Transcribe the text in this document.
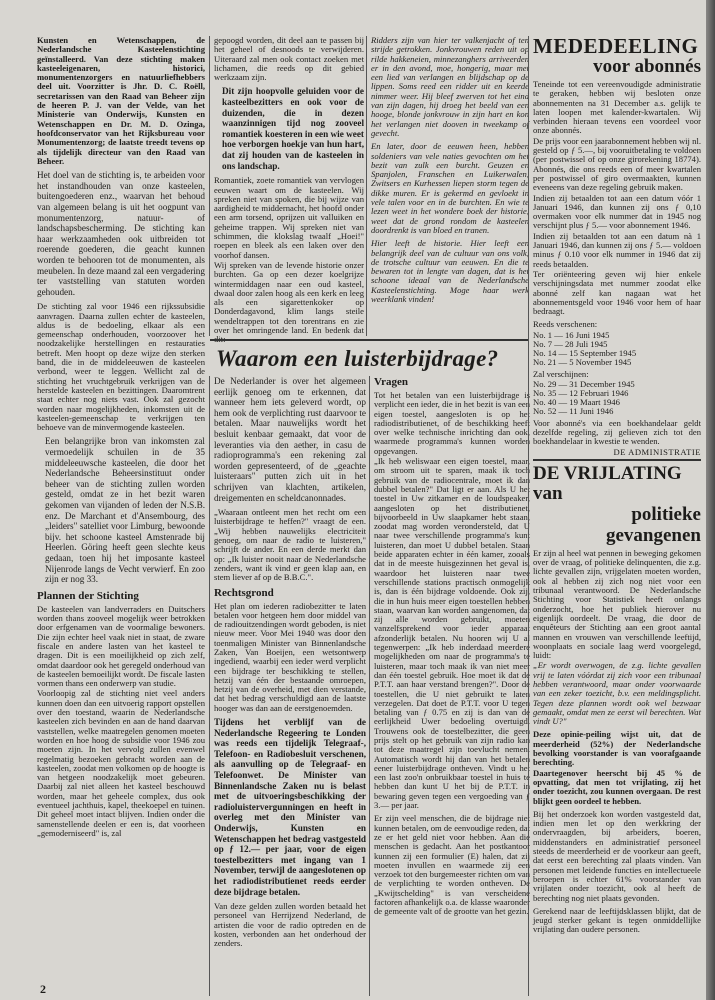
Kunsten en Wetenschappen, de Nederlandsche Kasteelenstichting geïnstalleerd. Van deze stichting maken kasteeleigenaren, historici, monumentenzorgers en natuurliefhebbers deel uit. Voorzitter is Jhr. D. C. Roëll, secretarissen van den Raad van Beheer zijn de heeren P. J. van der Velde, van het Ministerie van Onderwijs, Kunsten en Wetenschappen en Dr. M. D. Ozinga, hoofdconservator van het Rijksbureau voor Monumentenzorg; de laatste treedt tevens op als tijdelijk directeur van den Raad van Beheer.

Het doel van de stichting is, te arbeiden voor het instandhouden van onze kasteelen, buitengoederen enz., waarvan het behoud van algemeen belang is uit het oogpunt van monumentenzorg, natuur- of landschapsbescherming. De stichting kan haar werkzaamheden ook uitbreiden tot roerende goederen, die geacht kunnen worden te behooren tot de monumenten, als meubelen. In deze maand zal een vergadering ter vaststelling van statuten worden gehouden.

De stichting zal voor 1946 een rijkssubsidie aanvragen. Daarna zullen echter de kasteelen, aldus is de bedoeling, elkaar als een gemeenschap onderhouden, voorzoover het noodzakelijke herstellingen en restauraties betreft. Men hoopt op deze wijze den sterken band, die in de middeleeuwen de kasteelen verbond, weer te leggen. Wellicht zal de stichting het vruchtgebruik verkrijgen van de herstelde kasteelen en bezittingen. Daaromtrent staat echter nog niets vast. Ook zal gezocht worden naar mogelijkheden, inkomsten uit de kasteelen-gemeenschap te verkrijgen ten behoeve van de minvermogende kasteelen.

Een belangrijke bron van inkomsten zal vermoedelijk schuilen in de 35 middeleeuwsche kasteelen, die door het Nederlandsche Beheersinstituut onder beheer van de stichting zullen worden gesteld, omdat ze in het bezit waren gekomen van vijanden of leden der N.S.B. enz. De Marchant et d'Ansembourg, des „leiders" satelliet voor Limburg, bewoonde bijv. het schoone kasteel Amstenrade bij Heerlen. Göring heeft geen slechte keus gedaan, toen hij het imposante kasteel Nijenrode langs de Vecht verwierf. En zoo zijn er nog 33.

Plannen der Stichting

De kasteelen van landverraders en Duitschers worden thans zooveel mogelijk weer betrokken door erfgenamen van de voormalige bewoners. Die zijn echter heel vaak niet in staat, de zware fiscale en andere lasten van het kasteel te dragen. Dit is een moeilijkheid op zich zelf, omdat daardoor ook het geregeld onderhoud van de kasteelen bemoeilijkt wordt. De fiscale lasten vormen thans een onderwerp van studie.

Voorloopig zal de stichting niet veel anders kunnen doen dan een uitvoerig rapport opstellen over den toestand, waarin de Nederlandsche kasteelen zich bevinden en aan de hand daarvan vaststellen, welke maatregelen genomen moeten worden en hoe hoog de subsidie voor 1946 zou moeten zijn. In het vervolg zullen evenwel regelmatig bezoeken gebracht worden aan de kasteelen, zoodat men volkomen op de hoogte is van hetgeen noodzakelijk moet gebeuren. Daarbij zal niet alleen het kasteel beschouwd worden, maar het geheele complex, dus ook eventueel jachthuis, kapel, theekoepel en tuinen. Dit geheel moet intact blijven. Indien onder die samenstellende deelen er een is, dat voorheen „gemoderniseerd" is, zal

gepoogd worden, dit deel aan te passen bij het geheel of desnoods te verwijderen. Uiteraard zal men ook contact zoeken met lichamen, die reeds op dit gebied werkzaam zijn.

Dit zijn hoopvolle geluiden voor de kasteelbezitters en ook voor de duizenden, die in dezen waanzinnigen tijd nog zooveel romantiek koesteren in een wie weet hoe verborgen hoekje van hun hart, dat zij houden van de kasteelen in ons landschap.

Romantiek, zoete romantiek van vervlogen eeuwen waart om de kasteelen. Wij spreken niet van spoken, die bij wijze van aardigheid te middernacht, het hoofd onder een arm torsend, oprijzen uit valluiken en geheime trappen. Wij spreken niet van schimmen, die klokslag twaalf „Hoei!" roepen en bleek als een laken over den voorhof dansen.

Wij spreken van de levende historie onzer burchten. Ga op een dezer koelgrijze wintermiddagen naar een oud kasteel, dwaal door zalen hoog als een kerk en leeg als een sigarettenkoker op Donderdagavond, klim langs steile wendeltrappen tot den torentrans en zie over het omringende land. En bedenk dat

Ridders zijn van hier ter valkenjacht of ten strijde getrokken. Jonkvrouwen reden uit op rilde hakkeneien, minnezanghers arriveerden er in den avond, moe, hongerig, maar met een lied van verlangen en blijdschap op de lippen. Soms reed een ridder uit en keerde nimmer weer. Hij bleef zwerven tot het eind van zijn dagen, hij droeg het beeld van een hooge, blonde jonkvrouw in zijn hart en kon het verlangen niet dooven in tweekamp of gevecht.

En later, door de eeuwen heen, hebben soldeniers van vele naties gevochten om het bezit van zulk een burcht. Geuzen en Spanjolen, Franschen en Luikerwalen, Zwitsers en Kurhessen liepen storm tegen de dikke muren. Er is gekermd en gevloekt in vele talen voor en in de burchten. En wie te lezen weet in het wondere boek der historie, weet dat de grond rondom de kasteelen doordrenkt is van bloed en tranen.

Hier leeft de historie. Hier leeft een belangrijk deel van de cultuur van ons volk, de trotsche cultuur van eeuwen. En die te bewaren tot in lengte van dagen, dat is het schoone ideaal van de Nederlandsche Kasteelenstichting. Moge haar werk weerklank vinden!

Waarom een luisterbijdrage?

De Nederlander is over het algemeen eerlijk genoeg om te erkennen, dat wanneer hem iets geleverd wordt, op hem ook de verplichting rust daarvoor te betalen. Maar nauwelijks wordt het besluit kenbaar gemaakt, dat voor de leveranties via den aether, in casu de radioprogramma's een rekening zal worden gepresenteerd, of de „geachte luisteraars" putten zich uit in het schrijven van klachten, artikelen, dreigementen en scheldcanonnades.

„Waaraan ontleent men het recht om een luisterbijdrage te heffen?" vraagt de een. „Wij hebben nauwelijks electriciteit genoeg, om naar de radio te luisteren," schrijft de ander. En een derde merkt dan op: „Ik luister nooit naar de Nederlandsche zenders, want ik vind er geen klap aan, en stem liever af op de B.B.C.".

Rechtsgrond

Het plan om iederen radiobezitter te laten betalen voor hetgeen hem door middel van de radiouitzendingen wordt geboden, is niet nieuw meer. Voor Mei 1940 was door den toenmaligen Minister van Binnenlandsche Zaken, Van Boeijen, een wetsontwerp ingediend, waarbij een ieder werd verplicht een bijdrage ter beschikking te stellen, hetzij van één der bestaande omroepen, hetzij van de overheid, met dien verstande, dat het bedrag verschuldigd aan de laatste hooger was dan aan de eerstgenoemden.

Tijdens het verblijf van de Nederlandsche Regeering te Londen was reeds een tijdelijk Telegraaf-, Telefoon- en Radiobesluit verschenen, als aanvulling op de Telegraaf- en Telefoonwet. De Minister van Binnenlandsche Zaken nu is belast met de uitvoeringsbeschikking der radioluistervergunningen en heeft in overleg met den Minister van Onderwijs, Kunsten en Wetenschappen het bedrag vastgesteld op ƒ 12.— per jaar, voor de eigen toestelbezitters met ingang van 1 November, terwijl de aangeslotenen op het radiodistributienet reeds eerder deze bijdrage betalen.

Van deze gelden zullen worden betaald het personeel van Herrijzend Nederland, de artisten die voor de radio optreden en de kosten, verbonden aan het onderhoud der zenders.

Vragen

Tot het betalen van een luisterbijdrage is verplicht een ieder, die in het bezit is van een eigen toestel, aangesloten is op het radiodistributienet, of de beschikking heeft over welke technische inrichting dan ook, waarmede programma's kunnen worden opgevangen.

„Ik heb weliswaar een eigen toestel, maar, om stroom uit te sparen, maak ik toch gebruik van de radiocentrale, moet ik dan dubbel betalen?" Dat ligt er aan. Als U het toestel in Uw zitkamer en de loudspeaker, aangesloten op het distributienet, bijvoorbeeld in Uw slaapkamer hebt staan, zoodat mag worden verondersteld, dat U naar twee verschillende programma's kunt luisteren, dan moet U dubbel betalen. Staan beide apparaten echter in één kamer, zooals dat in de meeste huisgezinnen het geval is, waardoor het luisteren naar twee verschillende stations practisch onmogelijk is, dan is één bijdrage voldoende. Ook zij, die in hun huis meer eigen toestellen hebben staan, waarvan kan worden aangenomen, dat zij alle worden gebruikt, moeten vanzelfsprekend voor ieder apparaat afzonderlijk betalen. Nu hooren wij U al tegenwerpen: „Ik heb inderdaad meerdere mogelijkheden om naar de programma's te luisteren, maar toch maak ik van niet meer dan één toestel gebruik. Hoe moet ik dat de P.T.T. aan haar verstand brengen?". Door de toestellen, die U niet gebruikt te laten verzegelen. Dat doet de P.T.T. voor U tegen betaling van ƒ 0.75 en zij is dan van de eerlijkheid Uwer bedoeling overtuigd. Trouwens ook de toestelbezitter, die geen prijs stelt op het gebruik van zijn radio kan tot deze maatregel zijn toevlucht nemen. Automatisch wordt hij dan van het betalen eener luisterbijdrage ontheven. Vindt u het een last zoo'n onbruikbaar toestel in huis te hebben dan kunt U het bij de P.T.T. in bewaring geven tegen een vergoeding van ƒ 3.— per jaar.

Er zijn veel menschen, die de bijdrage niet kunnen betalen, om de eenvoudige reden, dat ze er het geld niet voor hebben. Aan die menschen is gedacht. Aan het postkantoor kunnen zij een formulier (E) halen, dat zij moeten invullen en waarmede zij een verzoek tot den burgemeester richten om van de verplichting te worden ontheven. De „Kwijtschelding" is van verscheidene factoren afhankelijk o.a. de klasse waaronder de gemeente valt of de grootte van het gezin.

MEDEDEELING
voor abonnés

Teneinde tot een vereenvoudigde administratie te geraken, hebben wij besloten onze abonnementen na 31 December a.s. gelijk te laten loopen met kalender-kwartalen. Wij verbinden hieraan tevens een voordeel voor onze abonnés.

De prijs voor een jaarabonnement hebben wij nl. gesteld op ƒ 5.—, bij vooruitbetaling te voldoen (per postwissel of op onze girorekening 18774). Abonnés, die ons reeds een of meer kwartalen per postwissel of giro overmaakten, kunnen eveneens van deze regeling gebruik maken.

Indien zij betaalden tot aan een datum vóór 1 Januari 1946, dan kunnen zij ons ƒ 0,10 overmaken voor elk nummer dat in 1945 nog verschijnt plus ƒ 5.— voor abonnement 1946.

Indien zij betaalden tot aan een datum nà 1 Januari 1946, dan kunnen zij ons ƒ 5.— voldoen minus ƒ 0.10 voor elk nummer in 1946 dat zij reeds betaalden.

Ter oriënteering geven wij hier enkele verschijningsdata met nummer zoodat elke abonné zelf kan nagaan wat het abonnementsgeld voor 1946 voor hem of haar bedraagt.

Reeds verschenen:
No. 1 — 16 Juni 1945
No. 7 — 28 Juli 1945
No. 14 — 15 September 1945
No. 21 — 5 November 1945
Zal verschijnen:
No. 29 — 31 December 1945
No. 35 — 12 Februari 1946
No. 40 — 19 Maart 1946
No. 52 — 11 Juni 1946

Voor abonné's via een boekhandelaar geldt dezelfde regeling, zij gelieven zich tot den boekhandelaar in kwestie te wenden.

DE ADMINISTRATIE
DE VRIJLATING van
politieke gevangenen

Er zijn al heel wat pennen in beweging gekomen over de vraag, of politieke delinquenten, die z.g. lichte gevallen zijn, vrijgelaten moeten worden, ook al hebben zij zich nog niet voor een tribunaal verantwoord. De Nederlandsche Stichting voor Statistiek heeft onlangs onderzocht, hoe het publiek hierover nu eigenlijk oordeelt. De vraag, die door de enquêteurs der Stichting aan een groot aantal mannen en vrouwen van verschillende leeftijd, woonplaats en sociale laag werd voorgelegd, luidt:

„Er wordt overwogen, de z.g. lichte gevallen vrij te laten vóórdat zij zich voor een tribunaal hebben verantwoord, maar onder voorwaarde van een zeker toezicht, b.v. een meldingsplicht. Tegen deze plannen wordt ook wel bezwaar gemaakt, omdat men ze eerst wil berechten. Wat vindt U?"

Deze opinie-peiling wijst uit, dat de meerderheid (52%) der Nederlandsche bevolking voorstander is van voorafgaande berechting.

Daartegenover heerscht bij 45 % de opvatting, dat men tot vrijlating, zij het onder toezicht, zou kunnen overgaan. De rest blijkt geen oordeel te hebben.

Bij het onderzoek kon worden vastgesteld dat, indien men let op den werkkring der ondervraagden, bij arbeiders, boeren, middenstanders en administratief personeel steeds de meerderheid er de voorkeur aan geeft, dat eerst een berechting zal plaats vinden. Van personen met leidende functies en intellectueele beroepen is echter 61% voorstander van vrijlaten onder toezicht, ook al heeft de berechting nog niet plaats gevonden.

Gerekend naar de leeftijdsklassen blijkt, dat de jeugd sterker gekant is tegen onmiddellijke vrijlating dan oudere personen.

2
